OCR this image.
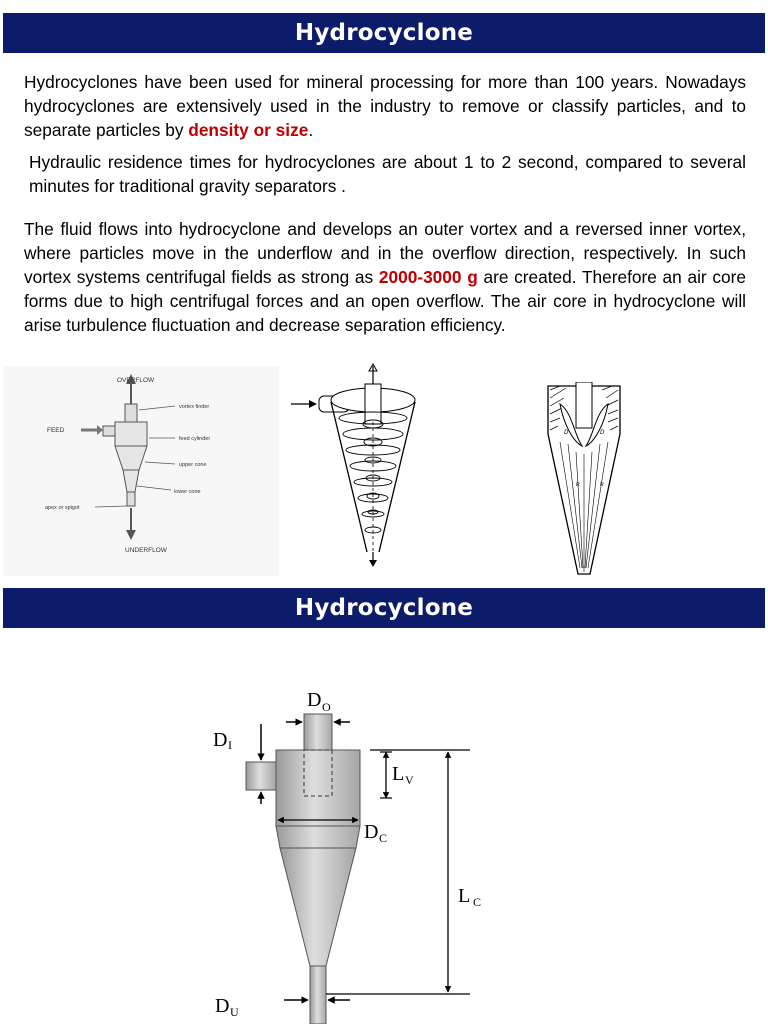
Hydrocyclone
Hydrocyclones have been used for mineral processing for more than 100 years. Nowadays hydrocyclones are extensively used in the industry to remove or classify particles, and to separate particles by density or size.
Hydraulic residence times for hydrocyclones are about 1 to 2 second, compared to several minutes for traditional gravity separators .
The fluid flows into hydrocyclone and develops an outer vortex and a reversed inner vortex, where particles move in the underflow and in the overflow direction, respectively. In such vortex systems centrifugal fields as strong as 2000-3000 g are created. Therefore an air core forms due to high centrifugal forces and an open overflow. The air core in hydrocyclone will arise turbulence fluctuation and decrease separation efficiency.
OVERFLOW
FEED
UNDERFLOW
vortex finder
feed cylinder
upper cone
lower cone
apex or spigot
D	D
R	R
Hydrocyclone
D O
D I
L V
D C
L C
D U
